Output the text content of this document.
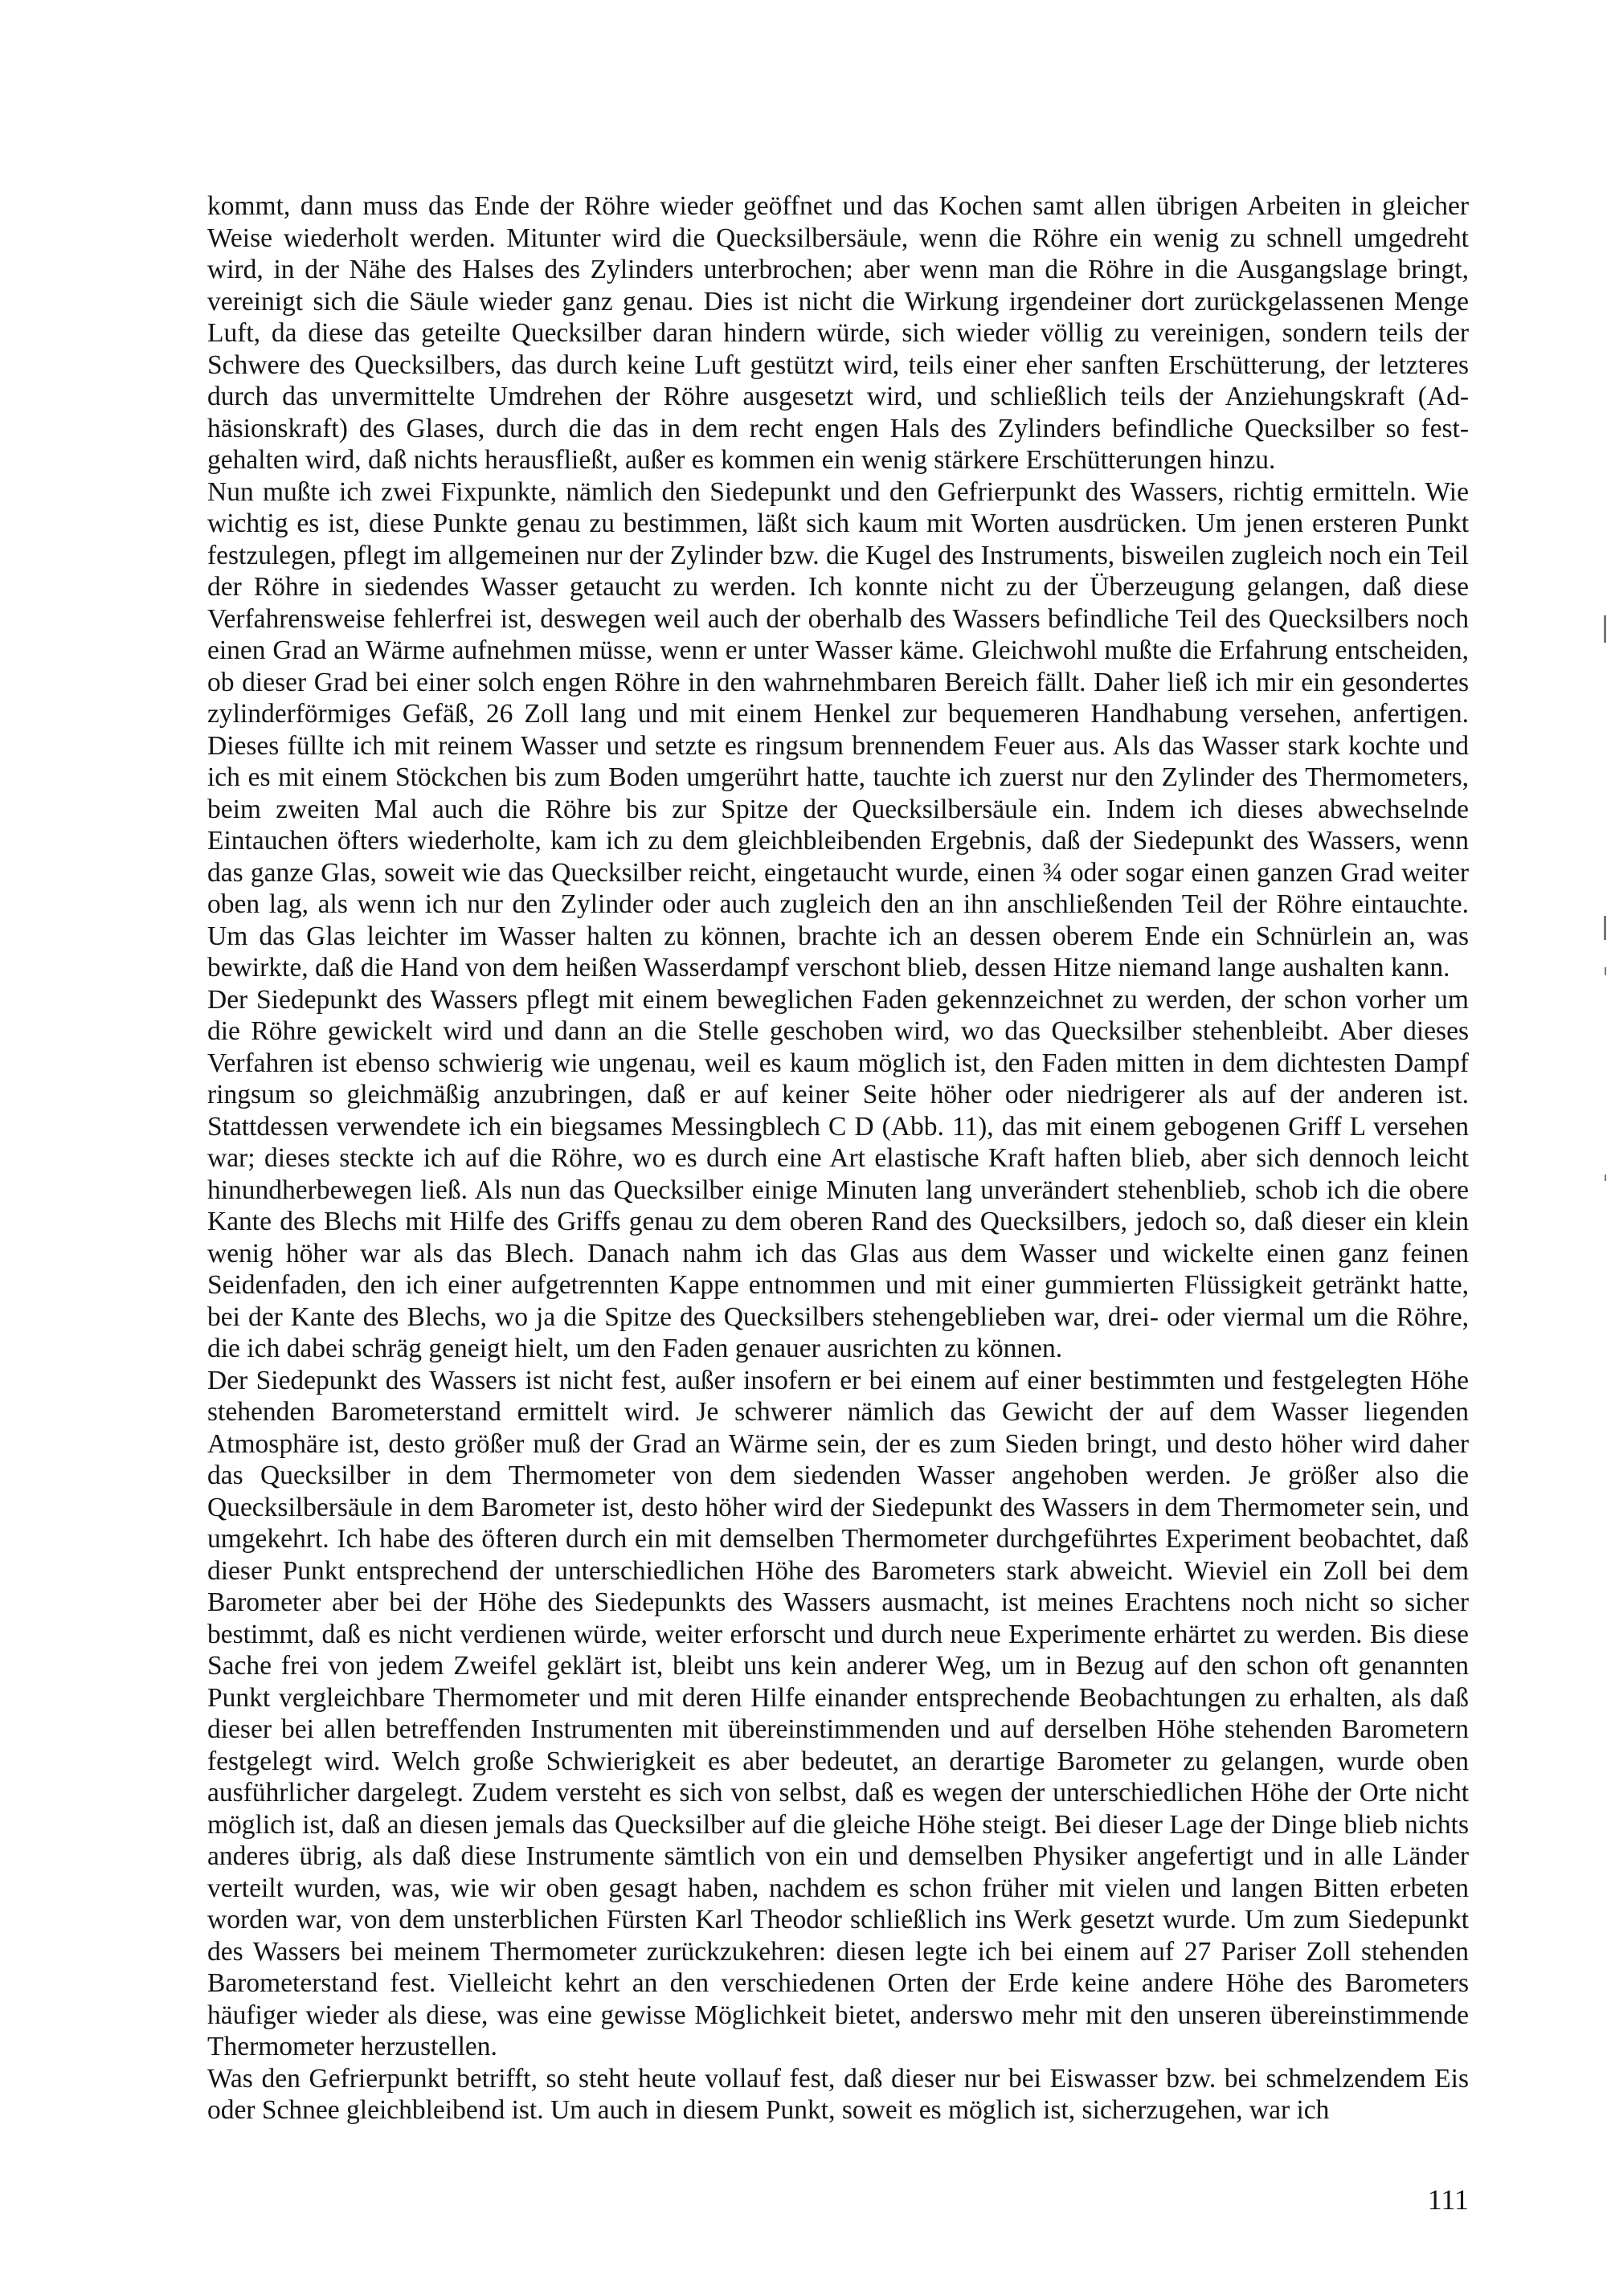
kommt, dann muss das Ende der Röhre wieder geöffnet und das Kochen samt allen übrigen Arbeiten in gleicher Weise wiederholt werden. Mitunter wird die Quecksilbersäule, wenn die Röhre ein wenig zu schnell umgedreht wird, in der Nähe des Halses des Zylinders unterbrochen; aber wenn man die Röhre in die Ausgangslage bringt, vereinigt sich die Säule wieder ganz genau. Dies ist nicht die Wirkung irgendeiner dort zurückgelassenen Menge Luft, da diese das geteilte Quecksilber daran hindern würde, sich wieder völlig zu vereinigen, sondern teils der Schwere des Quecksilbers, das durch keine Luft gestützt wird, teils einer eher sanften Erschütterung, der letzteres durch das unvermittelte Umdrehen der Röhre ausgesetzt wird, und schließlich teils der Anziehungskraft (Adhäsionskraft) des Glases, durch die das in dem recht engen Hals des Zylinders befindliche Quecksilber so festgehalten wird, daß nichts herausfließt, außer es kommen ein wenig stärkere Erschütterungen hinzu.

Nun mußte ich zwei Fixpunkte, nämlich den Siedepunkt und den Gefrierpunkt des Wassers, richtig ermitteln. Wie wichtig es ist, diese Punkte genau zu bestimmen, läßt sich kaum mit Worten ausdrücken. Um jenen ersteren Punkt festzulegen, pflegt im allgemeinen nur der Zylinder bzw. die Kugel des Instruments, bisweilen zugleich noch ein Teil der Röhre in siedendes Wasser getaucht zu werden. Ich konnte nicht zu der Überzeugung gelangen, daß diese Verfahrensweise fehlerfrei ist, deswegen weil auch der oberhalb des Wassers befindliche Teil des Quecksilbers noch einen Grad an Wärme aufnehmen müsse, wenn er unter Wasser käme. Gleichwohl mußte die Erfahrung entscheiden, ob dieser Grad bei einer solch engen Röhre in den wahrnehmbaren Bereich fällt. Daher ließ ich mir ein gesondertes zylinderförmiges Gefäß, 26 Zoll lang und mit einem Henkel zur bequemeren Handhabung versehen, anfertigen. Dieses füllte ich mit reinem Wasser und setzte es ringsum brennendem Feuer aus. Als das Wasser stark kochte und ich es mit einem Stöckchen bis zum Boden umgerührt hatte, tauchte ich zuerst nur den Zylinder des Thermometers, beim zweiten Mal auch die Röhre bis zur Spitze der Quecksilbersäule ein. Indem ich dieses abwechselnde Eintauchen öfters wiederholte, kam ich zu dem gleichbleibenden Ergebnis, daß der Siedepunkt des Wassers, wenn das ganze Glas, soweit wie das Quecksilber reicht, eingetaucht wurde, einen ¾ oder sogar einen ganzen Grad weiter oben lag, als wenn ich nur den Zylinder oder auch zugleich den an ihn anschließenden Teil der Röhre eintauchte. Um das Glas leichter im Wasser halten zu können, brachte ich an dessen oberem Ende ein Schnürlein an, was bewirkte, daß die Hand von dem heißen Wasserdampf verschont blieb, dessen Hitze niemand lange aushalten kann.

Der Siedepunkt des Wassers pflegt mit einem beweglichen Faden gekennzeichnet zu werden, der schon vorher um die Röhre gewickelt wird und dann an die Stelle geschoben wird, wo das Quecksilber stehenbleibt. Aber dieses Verfahren ist ebenso schwierig wie ungenau, weil es kaum möglich ist, den Faden mitten in dem dichtesten Dampf ringsum so gleichmäßig anzubringen, daß er auf keiner Seite höher oder niedrigerer als auf der anderen ist. Stattdessen verwendete ich ein biegsames Messingblech C D (Abb. 11), das mit einem gebogenen Griff L versehen war; dieses steckte ich auf die Röhre, wo es durch eine Art elastische Kraft haften blieb, aber sich dennoch leicht hinundherbewegen ließ. Als nun das Quecksilber einige Minuten lang unverändert stehenblieb, schob ich die obere Kante des Blechs mit Hilfe des Griffs genau zu dem oberen Rand des Quecksilbers, jedoch so, daß dieser ein klein wenig höher war als das Blech. Danach nahm ich das Glas aus dem Wasser und wickelte einen ganz feinen Seidenfaden, den ich einer aufgetrennten Kappe entnommen und mit einer gummierten Flüssigkeit getränkt hatte, bei der Kante des Blechs, wo ja die Spitze des Quecksilbers stehengeblieben war, drei- oder viermal um die Röhre, die ich dabei schräg geneigt hielt, um den Faden genauer ausrichten zu können.

Der Siedepunkt des Wassers ist nicht fest, außer insofern er bei einem auf einer bestimmten und festgelegten Höhe stehenden Barometerstand ermittelt wird. Je schwerer nämlich das Gewicht der auf dem Wasser liegenden Atmosphäre ist, desto größer muß der Grad an Wärme sein, der es zum Sieden bringt, und desto höher wird daher das Quecksilber in dem Thermometer von dem siedenden Wasser angehoben werden. Je größer also die Quecksilbersäule in dem Barometer ist, desto höher wird der Siedepunkt des Wassers in dem Thermometer sein, und umgekehrt. Ich habe des öfteren durch ein mit demselben Thermometer durchgeführtes Experiment beobachtet, daß dieser Punkt entsprechend der unterschiedlichen Höhe des Barometers stark abweicht. Wieviel ein Zoll bei dem Barometer aber bei der Höhe des Siedepunkts des Wassers ausmacht, ist meines Erachtens noch nicht so sicher bestimmt, daß es nicht verdienen würde, weiter erforscht und durch neue Experimente erhärtet zu werden. Bis diese Sache frei von jedem Zweifel geklärt ist, bleibt uns kein anderer Weg, um in Bezug auf den schon oft genannten Punkt vergleichbare Thermometer und mit deren Hilfe einander entsprechende Beobachtungen zu erhalten, als daß dieser bei allen betreffenden Instrumenten mit übereinstimmenden und auf derselben Höhe stehenden Barometern festgelegt wird. Welch große Schwierigkeit es aber bedeutet, an derartige Barometer zu gelangen, wurde oben ausführlicher dargelegt. Zudem versteht es sich von selbst, daß es wegen der unterschiedlichen Höhe der Orte nicht möglich ist, daß an diesen jemals das Quecksilber auf die gleiche Höhe steigt. Bei dieser Lage der Dinge blieb nichts anderes übrig, als daß diese Instrumente sämtlich von ein und demselben Physiker angefertigt und in alle Länder verteilt wurden, was, wie wir oben gesagt haben, nachdem es schon früher mit vielen und langen Bitten erbeten worden war, von dem unsterblichen Fürsten Karl Theodor schließlich ins Werk gesetzt wurde. Um zum Siedepunkt des Wassers bei meinem Thermometer zurückzukehren: diesen legte ich bei einem auf 27 Pariser Zoll stehenden Barometerstand fest. Vielleicht kehrt an den verschiedenen Orten der Erde keine andere Höhe des Barometers häufiger wieder als diese, was eine gewisse Möglichkeit bietet, anderswo mehr mit den unseren übereinstimmende Thermometer herzustellen.

Was den Gefrierpunkt betrifft, so steht heute vollauf fest, daß dieser nur bei Eiswasser bzw. bei schmelzendem Eis oder Schnee gleichbleibend ist. Um auch in diesem Punkt, soweit es möglich ist, sicherzugehen, war ich

111
